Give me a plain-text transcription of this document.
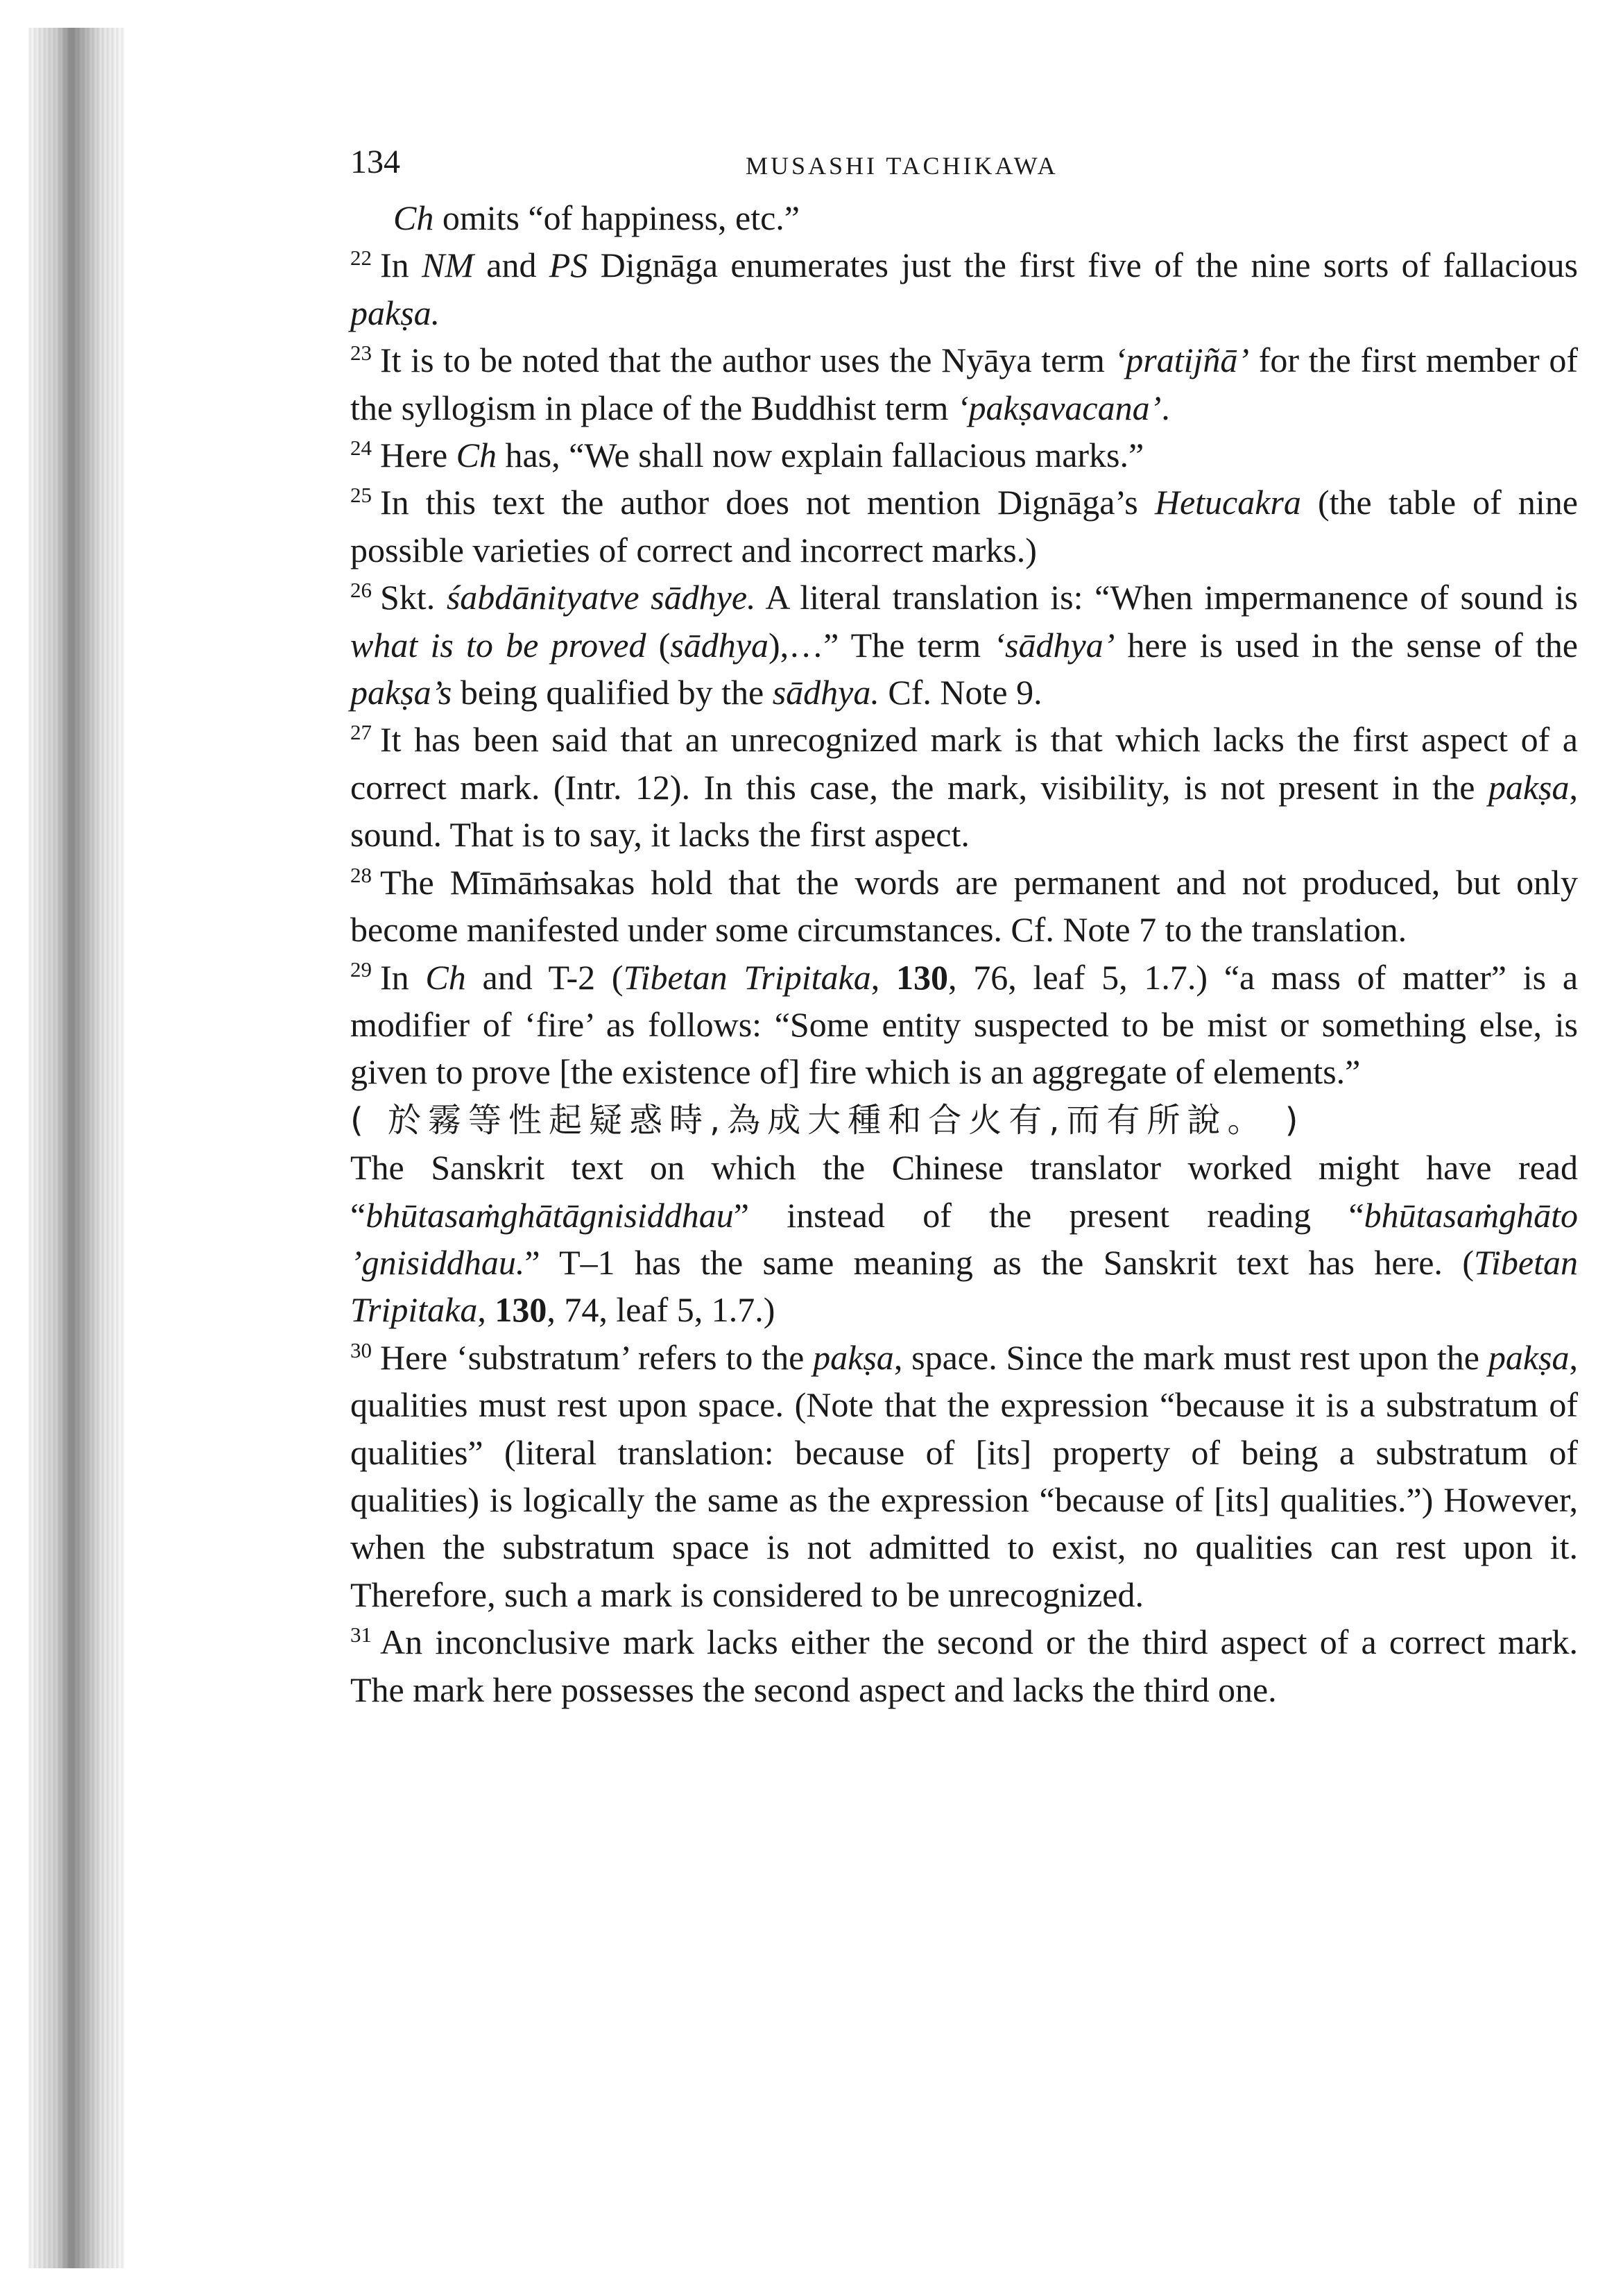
134	MUSASHI TACHIKAWA

Ch omits “of happiness, etc.”

$^{22}$ In NM and PS Dignāga enumerates just the first five of the nine sorts of fallacious pakṣa.

$^{23}$ It is to be noted that the author uses the Nyāya term ‘pratijñā’ for the first member of the syllogism in place of the Buddhist term ‘pakṣavacana’.

$^{24}$ Here Ch has, “We shall now explain fallacious marks.”

$^{25}$ In this text the author does not mention Dignāga’s Hetucakra (the table of nine possible varieties of correct and incorrect marks.)

$^{26}$ Skt. śabdānityatve sādhye. A literal translation is: “When impermanence of sound is what is to be proved (sādhya),…” The term ‘sādhya’ here is used in the sense of the pakṣa’s being qualified by the sādhya. Cf. Note 9.

$^{27}$ It has been said that an unrecognized mark is that which lacks the first aspect of a correct mark. (Intr. 12). In this case, the mark, visibility, is not present in the pakṣa, sound. That is to say, it lacks the first aspect.

$^{28}$ The Mīmāṁsakas hold that the words are permanent and not produced, but only become manifested under some circumstances. Cf. Note 7 to the translation.

$^{29}$ In Ch and T-2 (Tibetan Tripitaka, 130, 76, leaf 5, 1.7.) “a mass of matter” is a modifier of ‘fire’ as follows: “Some entity suspected to be mist or something else, is given to prove [the existence of] fire which is an aggregate of elements.”

( 於霧等性起疑惑時,為成大種和合火有,而有所說。 )

The Sanskrit text on which the Chinese translator worked might have read “bhūtasaṁghātāgnisiddhau” instead of the present reading “bhūtasaṁghāto ’gnisiddhau.” T–1 has the same meaning as the Sanskrit text has here. (Tibetan Tripitaka, 130, 74, leaf 5, 1.7.)

$^{30}$ Here ‘substratum’ refers to the pakṣa, space. Since the mark must rest upon the pakṣa, qualities must rest upon space. (Note that the expression “because it is a substratum of qualities” (literal translation: because of [its] property of being a substratum of qualities) is logically the same as the expression “because of [its] qualities.”) However, when the substratum space is not admitted to exist, no qualities can rest upon it. Therefore, such a mark is considered to be unrecognized.

$^{31}$ An inconclusive mark lacks either the second or the third aspect of a correct mark. The mark here possesses the second aspect and lacks the third one.
